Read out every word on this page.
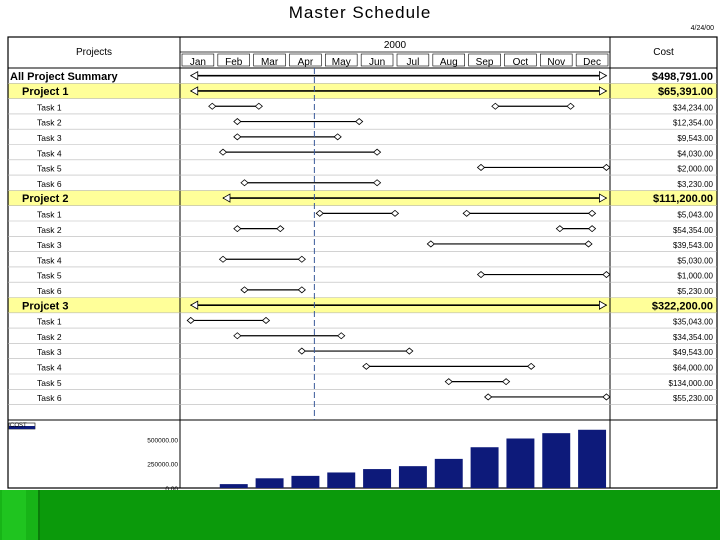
Master Schedule
4/24/00
Projects
2000
Cost
Jan Feb Mar Apr May Jun Jul Aug Sep Oct Nov Dec
All Project Summary	$498,791.00
Project 1	$65,391.00
Task 1	$34,234.00
Task 2	$12,354.00
Task 3	$9,543.00
Task 4	$4,030.00
Task 5	$2,000.00
Task 6	$3,230.00
Project 2	$111,200.00
Task 1	$5,043.00
Task 2	$54,354.00
Task 3	$39,543.00
Task 4	$5,030.00
Task 5	$1,000.00
Task 6	$5,230.00
Projcet 3	$322,200.00
Task 1	$35,043.00
Task 2	$34,354.00
Task 3	$49,543.00
Task 4	$64,000.00
Task 5	$134,000.00
Task 6	$55,230.00
COST
500000.00
250000.00
0.00
